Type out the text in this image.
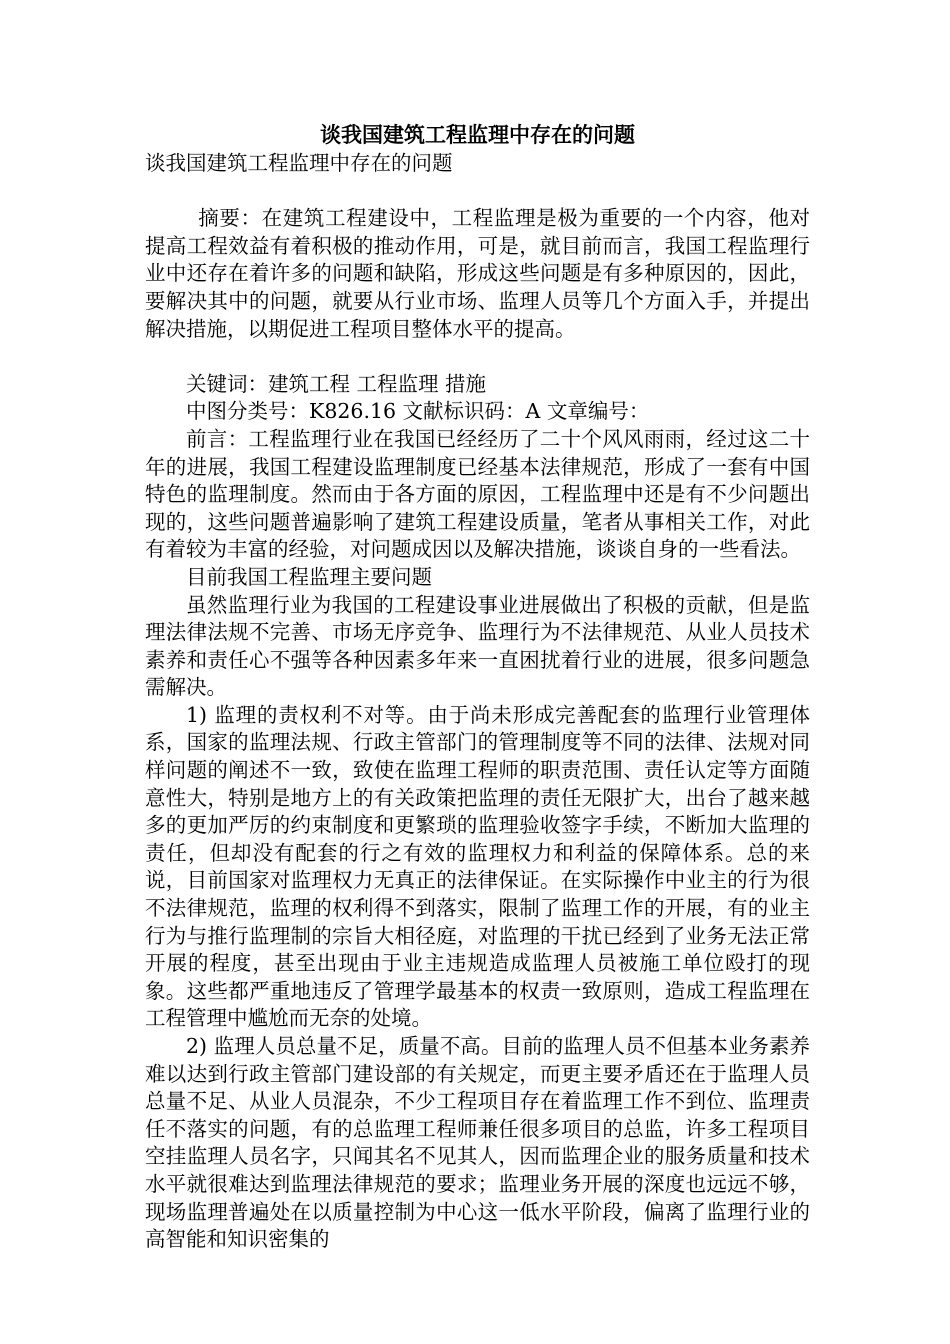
谈我国建筑工程监理中存在的问题

谈我国建筑工程监理中存在的问题

摘要：在建筑工程建设中，工程监理是极为重要的一个内容，他对提高工程效益有着积极的推动作用，可是，就目前而言，我国工程监理行业中还存在着许多的问题和缺陷，形成这些问题是有多种原因的，因此，要解决其中的问题，就要从行业市场、监理人员等几个方面入手，并提出解决措施，以期促进工程项目整体水平的提高。

关键词：建筑工程 工程监理 措施

中图分类号：K826.16 文献标识码：A 文章编号：

前言：工程监理行业在我国已经经历了二十个风风雨雨，经过这二十年的进展，我国工程建设监理制度已经基本法律规范，形成了一套有中国特色的监理制度。然而由于各方面的原因，工程监理中还是有不少问题出现的，这些问题普遍影响了建筑工程建设质量，笔者从事相关工作，对此有着较为丰富的经验，对问题成因以及解决措施，谈谈自身的一些看法。

目前我国工程监理主要问题

虽然监理行业为我国的工程建设事业进展做出了积极的贡献，但是监理法律法规不完善、市场无序竞争、监理行为不法律规范、从业人员技术素养和责任心不强等各种因素多年来一直困扰着行业的进展，很多问题急需解决。

1) 监理的责权利不对等。由于尚未形成完善配套的监理行业管理体系，国家的监理法规、行政主管部门的管理制度等不同的法律、法规对同样问题的阐述不一致，致使在监理工程师的职责范围、责任认定等方面随意性大，特别是地方上的有关政策把监理的责任无限扩大，出台了越来越多的更加严厉的约束制度和更繁琐的监理验收签字手续，不断加大监理的责任，但却没有配套的行之有效的监理权力和利益的保障体系。总的来说，目前国家对监理权力无真正的法律保证。在实际操作中业主的行为很不法律规范，监理的权利得不到落实，限制了监理工作的开展，有的业主行为与推行监理制的宗旨大相径庭，对监理的干扰已经到了业务无法正常开展的程度，甚至出现由于业主违规造成监理人员被施工单位殴打的现象。这些都严重地违反了管理学最基本的权责一致原则，造成工程监理在工程管理中尴尬而无奈的处境。

2) 监理人员总量不足，质量不高。目前的监理人员不但基本业务素养难以达到行政主管部门建设部的有关规定，而更主要矛盾还在于监理人员总量不足、从业人员混杂，不少工程项目存在着监理工作不到位、监理责任不落实的问题，有的总监理工程师兼任很多项目的总监，许多工程项目空挂监理人员名字，只闻其名不见其人，因而监理企业的服务质量和技术水平就很难达到监理法律规范的要求；监理业务开展的深度也远远不够，现场监理普遍处在以质量控制为中心这一低水平阶段，偏离了监理行业的高智能和知识密集的
